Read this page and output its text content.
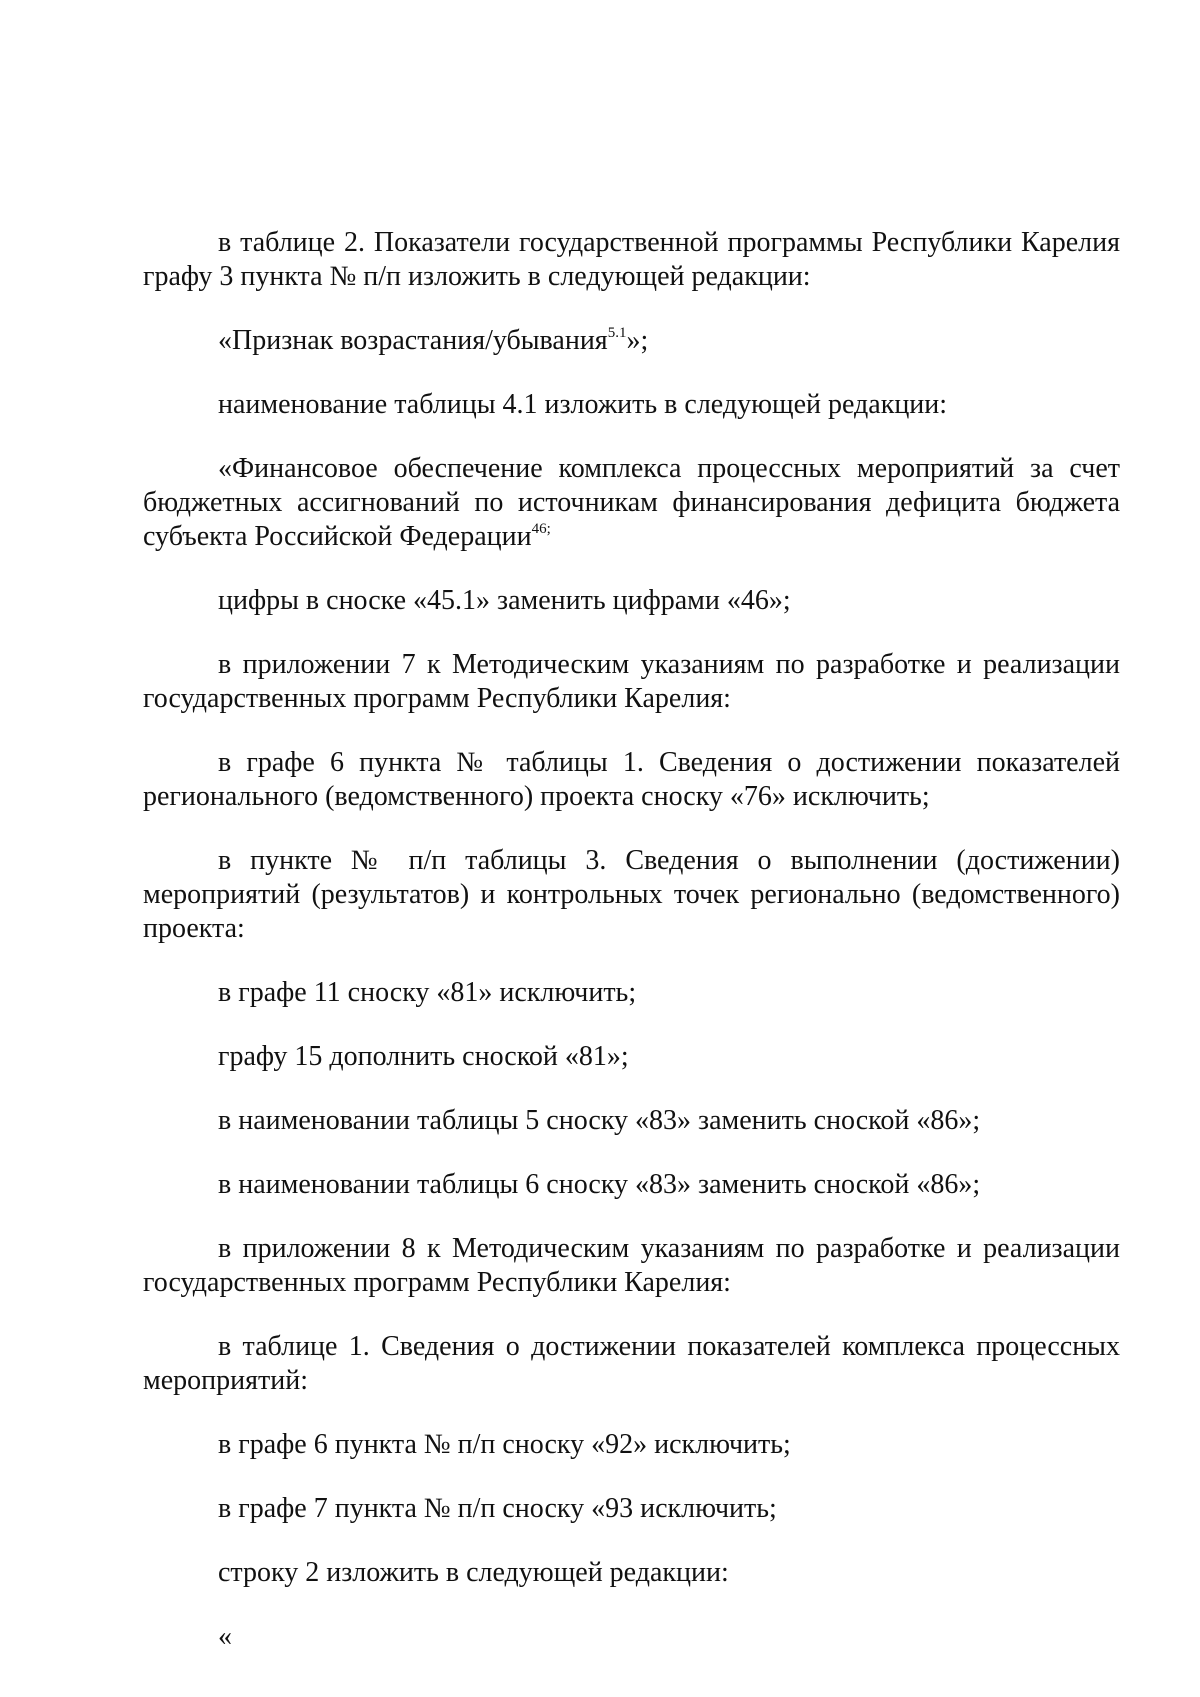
в таблице 2. Показатели государственной программы Республики Карелия графу 3 пункта № п/п изложить в следующей редакции:

«Признак возрастания/убывания$^{5.1}$»;

наименование таблицы 4.1 изложить в следующей редакции:

«Финансовое обеспечение комплекса процессных мероприятий за счет бюджетных ассигнований по источникам финансирования дефицита бюджета субъекта Российской Федерации$^{46;}$

цифры в сноске «45.1» заменить цифрами «46»;

в приложении 7 к Методическим указаниям по разработке и реализации государственных программ Республики Карелия:

в графе 6 пункта № таблицы 1. Сведения о достижении показателей регионального (ведомственного) проекта сноску «76» исключить;

в пункте № п/п таблицы 3. Сведения о выполнении (достижении) мероприятий (результатов) и контрольных точек регионально (ведомственного) проекта:

в графе 11 сноску «81» исключить;

графу 15 дополнить сноской «81»;

в наименовании таблицы 5 сноску «83» заменить сноской «86»;

в наименовании таблицы 6 сноску «83» заменить сноской «86»;

в приложении 8 к Методическим указаниям по разработке и реализации государственных программ Республики Карелия:

в таблице 1. Сведения о достижении показателей комплекса процессных мероприятий:

в графе 6 пункта № п/п сноску «92» исключить;

в графе 7 пункта № п/п сноску «93 исключить;

строку 2 изложить в следующей редакции:

«
